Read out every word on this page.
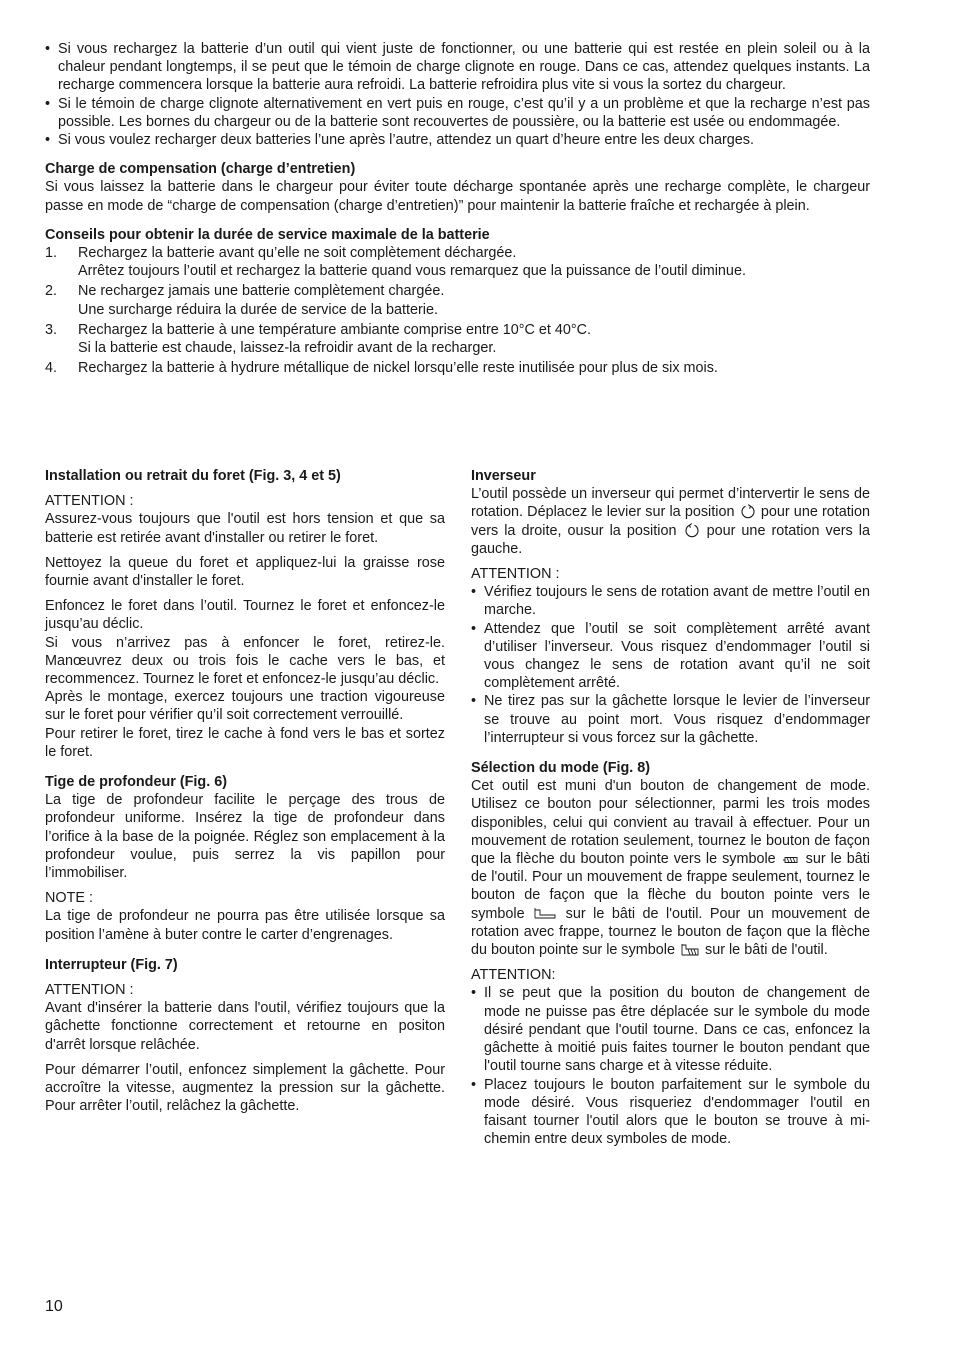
• Si vous rechargez la batterie d’un outil qui vient juste de fonctionner, ou une batterie qui est restée en plein soleil ou à la chaleur pendant longtemps, il se peut que le témoin de charge clignote en rouge. Dans ce cas, attendez quelques instants. La recharge commencera lorsque la batterie aura refroidi. La batterie refroidira plus vite si vous la sortez du chargeur.
• Si le témoin de charge clignote alternativement en vert puis en rouge, c’est qu’il y a un problème et que la recharge n’est pas possible. Les bornes du chargeur ou de la batterie sont recouvertes de poussière, ou la batterie est usée ou endommagée.
• Si vous voulez recharger deux batteries l’une après l’autre, attendez un quart d’heure entre les deux charges.
Charge de compensation (charge d’entretien)

Si vous laissez la batterie dans le chargeur pour éviter toute décharge spontanée après une recharge complète, le chargeur passe en mode de “charge de compensation (charge d’entretien)” pour maintenir la batterie fraîche et rechargée à plein.

Conseils pour obtenir la durée de service maximale de la batterie
1. Rechargez la batterie avant qu’elle ne soit complètement déchargée.
Arrêtez toujours l’outil et rechargez la batterie quand vous remarquez que la puissance de l’outil diminue.
2. Ne rechargez jamais une batterie complètement chargée.
Une surcharge réduira la durée de service de la batterie.
3. Rechargez la batterie à une température ambiante comprise entre 10°C et 40°C.
Si la batterie est chaude, laissez-la refroidir avant de la recharger.
4. Rechargez la batterie à hydrure métallique de nickel lorsqu’elle reste inutilisée pour plus de six mois.
Installation ou retrait du foret (Fig. 3, 4 et 5)

ATTENTION :

Assurez-vous toujours que l'outil est hors tension et que sa batterie est retirée avant d'installer ou retirer le foret.

Nettoyez la queue du foret et appliquez-lui la graisse rose fournie avant d'installer le foret.

Enfoncez le foret dans l’outil. Tournez le foret et enfoncez-le jusqu’au déclic.

Si vous n’arrivez pas à enfoncer le foret, retirez-le. Manœuvrez deux ou trois fois le cache vers le bas, et recommencez. Tournez le foret et enfoncez-le jusqu’au déclic.

Après le montage, exercez toujours une traction vigoureuse sur le foret pour vérifier qu’il soit correctement verrouillé.

Pour retirer le foret, tirez le cache à fond vers le bas et sortez le foret.

Tige de profondeur (Fig. 6)

La tige de profondeur facilite le perçage des trous de profondeur uniforme. Insérez la tige de profondeur dans l’orifice à la base de la poignée. Réglez son emplacement à la profondeur voulue, puis serrez la vis papillon pour l’immobiliser.

NOTE :

La tige de profondeur ne pourra pas être utilisée lorsque sa position l’amène à buter contre le carter d’engrenages.

Interrupteur (Fig. 7)

ATTENTION :

Avant d'insérer la batterie dans l'outil, vérifiez toujours que la gâchette fonctionne correctement et retourne en positon d'arrêt lorsque relâchée.

Pour démarrer l’outil, enfoncez simplement la gâchette. Pour accroître la vitesse, augmentez la pression sur la gâchette. Pour arrêter l’outil, relâchez la gâchette.

Inverseur

L’outil possède un inverseur qui permet d’intervertir le sens de rotation. Déplacez le levier sur la position pour une rotation vers la droite, ousur la position pour une rotation vers la gauche.

ATTENTION :

• Vérifiez toujours le sens de rotation avant de mettre l’outil en marche.
• Attendez que l’outil se soit complètement arrêté avant d’utiliser l’inverseur. Vous risquez d’endommager l’outil si vous changez le sens de rotation avant qu’il ne soit complètement arrêté.
• Ne tirez pas sur la gâchette lorsque le levier de l’inverseur se trouve au point mort. Vous risquez d’endommager l’interrupteur si vous forcez sur la gâchette.
Sélection du mode (Fig. 8)

Cet outil est muni d'un bouton de changement de mode. Utilisez ce bouton pour sélectionner, parmi les trois modes disponibles, celui qui convient au travail à effectuer. Pour un mouvement de rotation seulement, tournez le bouton de façon que la flèche du bouton pointe vers le symbole sur le bâti de l'outil. Pour un mouvement de frappe seulement, tournez le bouton de façon que la flèche du bouton pointe vers le symbole	sur le bâti de l'outil. Pour un mouvement de rotation avec frappe, tournez le bouton de façon que la flèche du bouton pointe sur le symbole sur le bâti de l'outil.

ATTENTION:

• Il se peut que la position du bouton de changement de mode ne puisse pas être déplacée sur le symbole du mode désiré pendant que l'outil tourne. Dans ce cas, enfoncez la gâchette à moitié puis faites tourner le bouton pendant que l'outil tourne sans charge et à vitesse réduite.
• Placez toujours le bouton parfaitement sur le symbole du mode désiré. Vous risqueriez d'endommager l'outil en faisant tourner l'outil alors que le bouton se trouve à mi-chemin entre deux symboles de mode.
10
